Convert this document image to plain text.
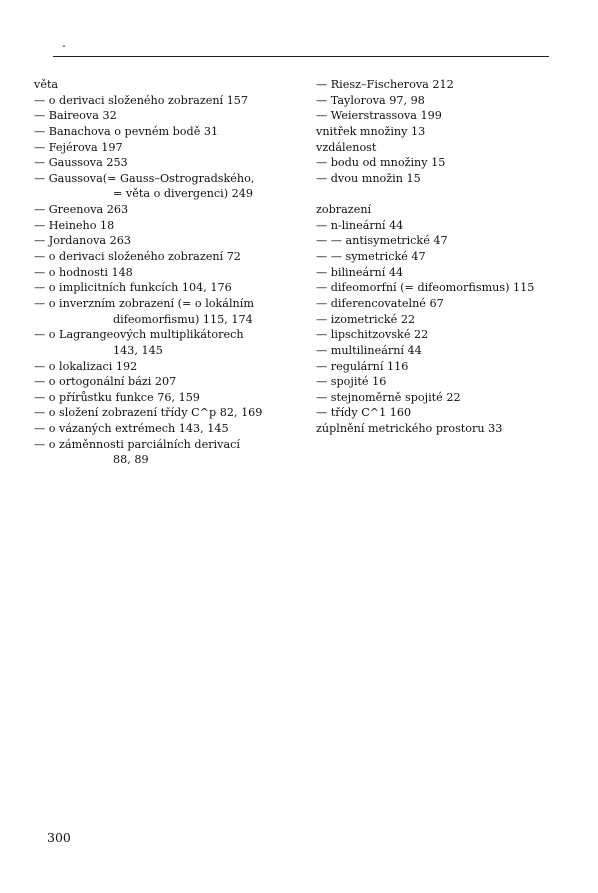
-
věta
— o derivaci složeného zobrazení 157
— Baireova 32
— Banachova o pevném bodě 31
— Fejérova 197
— Gaussova 253
— Gaussova(= Gauss–Ostrogradského,
= věta o divergenci) 249
— Greenova 263
— Heineho 18
— Jordanova 263
— o derivaci složeného zobrazení 72
— o hodnosti 148
— o implicitních funkcích 104, 176
— o inverzním zobrazení (= o lokálním
difeomorfismu) 115, 174
— o Lagrangeových multiplikátorech
143, 145
— o lokalizaci 192
— o ortogonální bázi 207
— o přírůstku funkce 76, 159
— o složení zobrazení třídy C^p 82, 169
— o vázaných extrémech 143, 145
— o záměnnosti parciálních derivací
88, 89
— Riesz–Fischerova 212
— Taylorova 97, 98
— Weierstrassova 199
vnitřek množiny 13
vzdálenost
— bodu od množiny 15
— dvou množin 15
zobrazení
— n-lineární 44
— — antisymetrické 47
— — symetrické 47
— bilineární 44
— difeomorfní (= difeomorfismus) 115
— diferencovatelné 67
— izometrické 22
— lipschitzovské 22
— multilineární 44
— regulární 116
— spojité 16
— stejnoměrně spojité 22
— třídy C^1 160
zúplnění metrického prostoru 33
300
